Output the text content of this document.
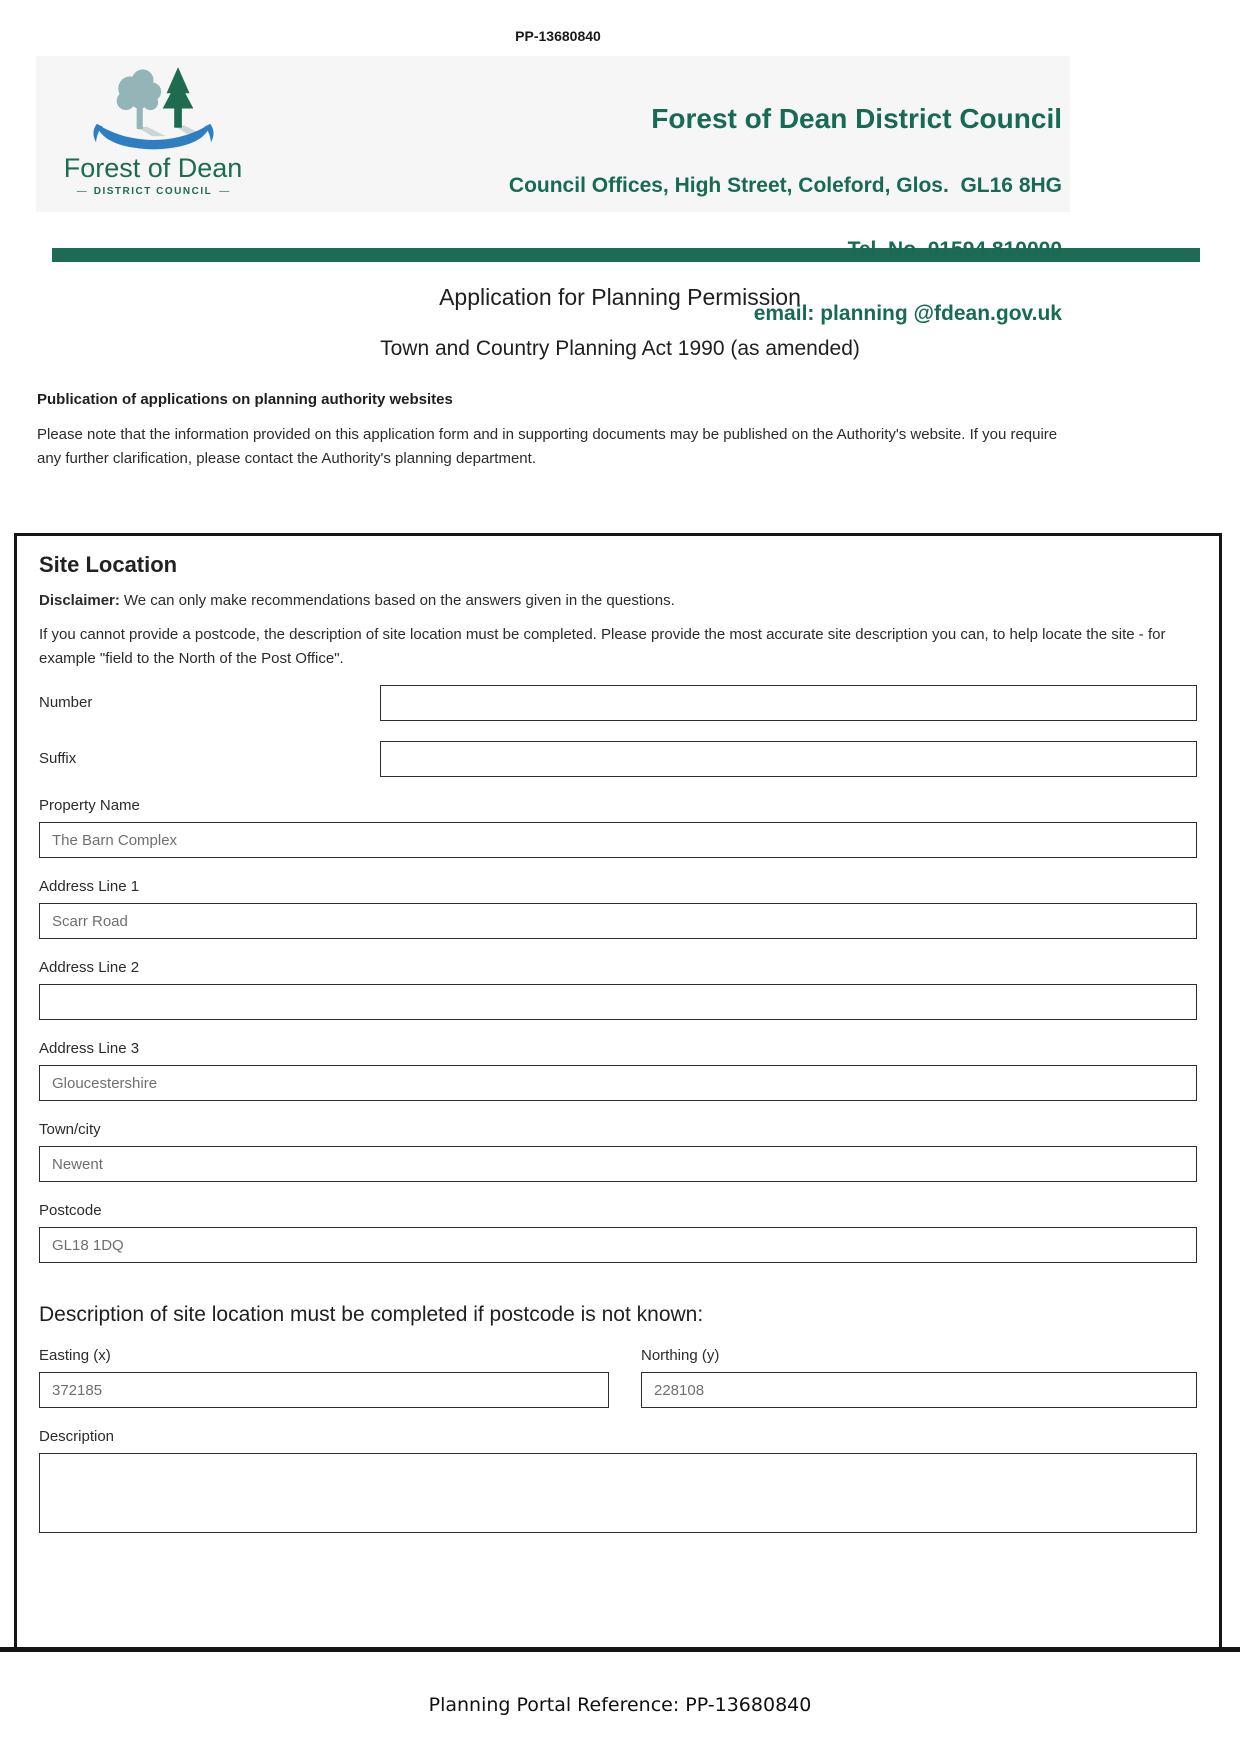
PP-13680840
Forest of Dean
— DISTRICT COUNCIL
—

Forest of Dean District Council

Council Offices, High Street, Coleford, Glos.  GL16 8HG

Tel. No. 01594 810000

email: planning @fdean.gov.uk

Application for Planning Permission
Town and Country Planning Act 1990 (as amended)
Publication of applications on planning authority websites
Please note that the information provided on this application form and in supporting documents may be published on the Authority's website. If you require any further clarification, please contact the Authority's planning department.
Site Location
Disclaimer: We can only make recommendations based on the answers given in the questions.
If you cannot provide a postcode, the description of site location must be completed. Please provide the most accurate site description you can, to help locate the site - for example "field to the North of the Post Office".
Number
Suffix
Property Name
The Barn Complex
Address Line 1
Scarr Road
Address Line 2
Address Line 3
Gloucestershire
Town/city
Newent
Postcode
GL18 1DQ
Description of site location must be completed if postcode is not known:
Easting (x)
372185	Northing (y)
228108
Description
Planning Portal Reference: PP-13680840
